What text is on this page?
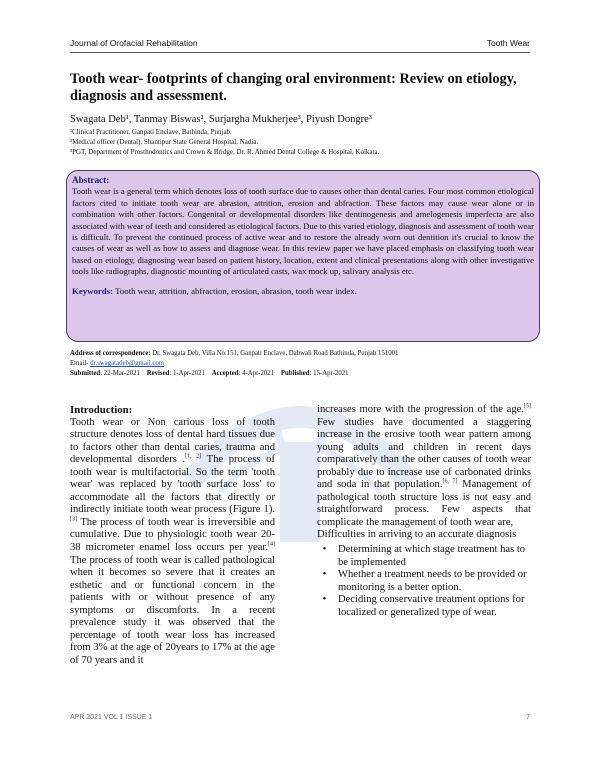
Journal of Orofacial Rehabilitation	Tooth Wear
Tooth wear- footprints of changing oral environment: Review on etiology, diagnosis and assessment.
Swagata Deb¹, Tanmay Biswas², Surjargha Mukherjee³, Piyush Dongre³
¹Clinical Practitioner, Ganpati Enclave, Bathinda, Punjab.
²Medical officer (Dental), Shantipur State General Hospital, Nadia.
³PGT, Department of Prosthodontics and Crown & Bridge, Dr. R. Ahmed Dental College & Hospital, Kolkata.
Abstract:

Tooth wear is a general term which denotes loss of tooth surface due to causes other than dental caries. Four most common etiological factors cited to initiate tooth wear are abrasion, attrition, erosion and abfraction. These factors may cause wear alone or in combination with other factors. Congenital or developmental disorders like dentinogenesis and amelogenesis imperfecta are also associated with wear of teeth and considered as etiological factors. Due to this varied etiology, diagnosis and assessment of tooth wear is difficult. To prevent the continued process of active wear and to restore the already worn out dentition it's crucial to know the causes of wear as well as how to assess and diagnose wear. In this review paper we have placed emphasis on classifying tooth wear based on etiology, diagnosing wear based on patient history, location, extent and clinical presentations along with other investigative tools like radiographs, diagnostic mounting of articulated casts, wax mock up, salivary analysis etc.

Keywords: Tooth wear, attrition, abfraction, erosion, abrasion, tooth wear index.
Address of correspondence: Dr. Swagata Deb, Villa No.151, Ganpati Enclave, Dabwali Road Bathinda, Punjab 151001
Email- dr.swagatadeb@gmail.com
Submitted: 22-Mar-2021 Revised: 1-Apr-2021 Accepted: 4-Apr-2021 Published: 15-Apr-2021
Introduction:

Tooth wear or Non carious loss of tooth structure denotes loss of dental hard tissues due to factors other than dental caries, trauma and developmental disorders .[1, 2] The process of tooth wear is multifactorial. So the term 'tooth wear' was replaced by 'tooth surface loss' to accommodate all the factors that directly or indirectly initiate tooth wear process (Figure 1).[3] The process of tooth wear is irreversible and cumulative. Due to physiologic tooth wear 20-38 micrometer enamel loss occurs per year.[4] The process of tooth wear is called pathological when it becomes so severe that it creates an esthetic and or functional concern in the patients with or without presence of any symptoms or discomforts. In a recent prevalence study it was observed that the percentage of tooth wear loss has increased from 3% at the age of 20years to 17% at the age of 70 years and it

increases more with the progression of the age.[5] Few studies have documented a staggering increase in the erosive tooth wear pattern among young adults and children in recent days comparatively than the other causes of tooth wear probably due to increase use of carbonated drinks and soda in that population.[6, 7] Management of pathological tooth structure loss is not easy and straightforward process. Few aspects that complicate the management of tooth wear are,

Difficulties in arriving to an accurate diagnosis

•	Determining at which stage treatment has to be implemented
•	Whether a treatment needs to be provided or monitoring is a better option.
•	Deciding conservative treatment options for localized or generalized type of wear.
APR 2021 VOL 1 ISSUE 1	7
